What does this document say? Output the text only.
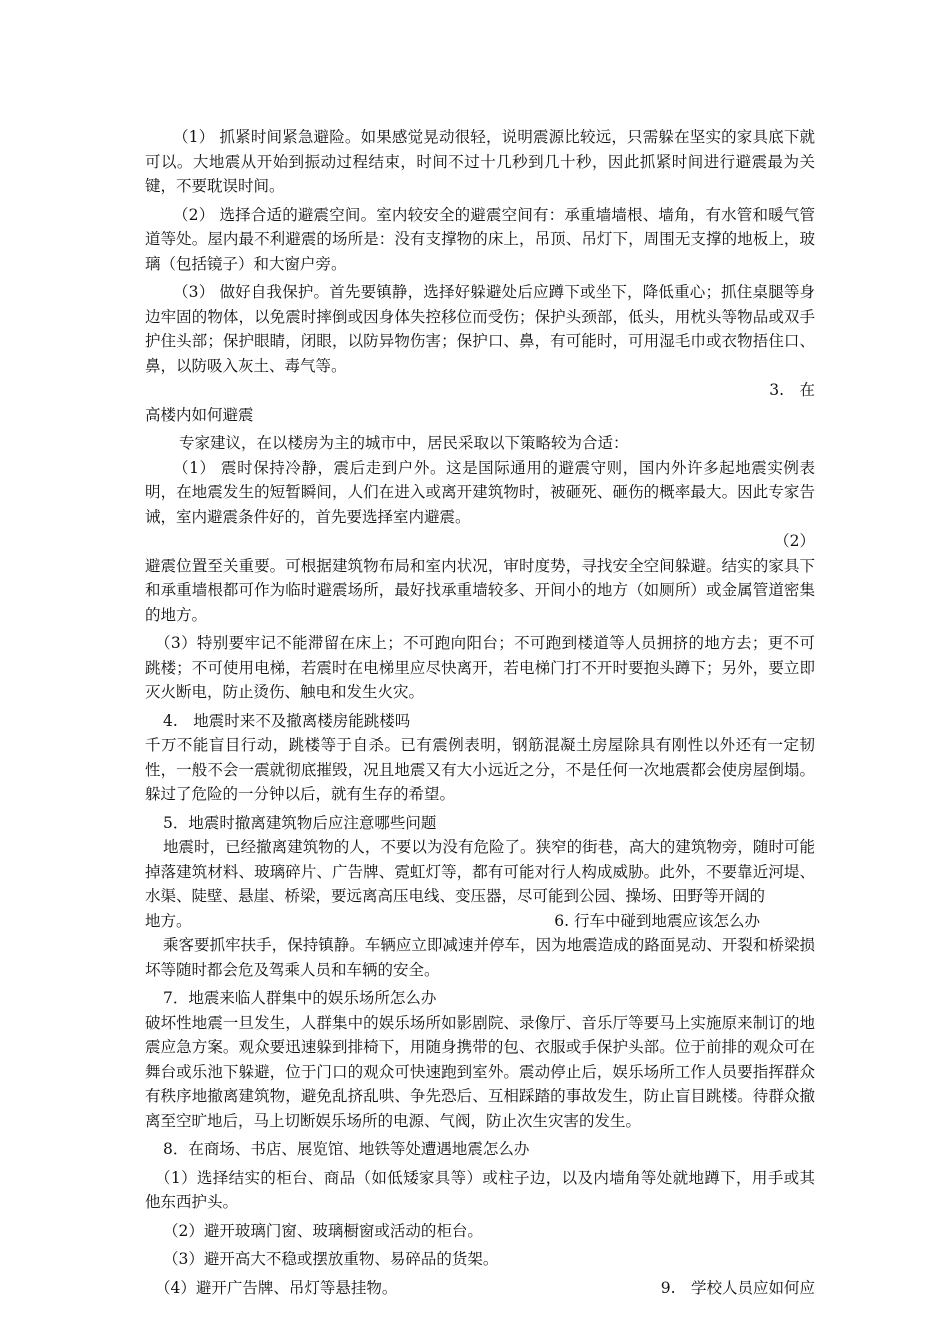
（1） 抓紧时间紧急避险。如果感觉晃动很轻，说明震源比较远，只需躲在坚实的家具底下就可以。大地震从开始到振动过程结束，时间不过十几秒到几十秒，因此抓紧时间进行避震最为关键，不要耽误时间。

（2） 选择合适的避震空间。室内较安全的避震空间有：承重墙墙根、墙角，有水管和暖气管道等处。屋内最不利避震的场所是：没有支撑物的床上，吊顶、吊灯下，周围无支撑的地板上，玻璃（包括镜子）和大窗户旁。

（3） 做好自我保护。首先要镇静，选择好躲避处后应蹲下或坐下，降低重心；抓住桌腿等身边牢固的物体，以免震时摔倒或因身体失控移位而受伤；保护头颈部，低头，用枕头等物品或双手护住头部；保护眼睛，闭眼，以防异物伤害；保护口、鼻，有可能时，可用湿毛巾或衣物捂住口、鼻，以防吸入灰土、毒气等。

3.　在

高楼内如何避震

专家建议，在以楼房为主的城市中，居民采取以下策略较为合适：

（1） 震时保持冷静，震后走到户外。这是国际通用的避震守则，国内外许多起地震实例表明，在地震发生的短暂瞬间，人们在进入或离开建筑物时，被砸死、砸伤的概率最大。因此专家告诫，室内避震条件好的，首先要选择室内避震。

（2）

避震位置至关重要。可根据建筑物布局和室内状况，审时度势，寻找安全空间躲避。结实的家具下和承重墙根都可作为临时避震场所，最好找承重墙较多、开间小的地方（如厕所）或金属管道密集的地方。

（3）特别要牢记不能滞留在床上；不可跑向阳台；不可跑到楼道等人员拥挤的地方去；更不可跳楼；不可使用电梯，若震时在电梯里应尽快离开，若电梯门打不开时要抱头蹲下；另外，要立即灭火断电，防止烫伤、触电和发生火灾。

4.　地震时来不及撤离楼房能跳楼吗

千万不能盲目行动，跳楼等于自杀。已有震例表明，钢筋混凝土房屋除具有刚性以外还有一定韧性，一般不会一震就彻底摧毁，况且地震又有大小远近之分，不是任何一次地震都会使房屋倒塌。躲过了危险的一分钟以后，就有生存的希望。

5．地震时撤离建筑物后应注意哪些问题

地震时，已经撤离建筑物的人，不要以为没有危险了。狭窄的街巷，高大的建筑物旁，随时可能掉落建筑材料、玻璃碎片、广告牌、霓虹灯等，都有可能对行人构成威胁。此外，不要靠近河堤、水渠、陡壁、悬崖、桥梁，要远离高压电线、变压器，尽可能到公园、操场、田野等开阔的

地方。	6. 行车中碰到地震应该怎么办

乘客要抓牢扶手，保持镇静。车辆应立即减速并停车，因为地震造成的路面晃动、开裂和桥梁损坏等随时都会危及驾乘人员和车辆的安全。

7．地震来临人群集中的娱乐场所怎么办

破坏性地震一旦发生，人群集中的娱乐场所如影剧院、录像厅、音乐厅等要马上实施原来制订的地震应急方案。观众要迅速躲到排椅下，用随身携带的包、衣服或手保护头部。位于前排的观众可在舞台或乐池下躲避，位于门口的观众可快速跑到室外。震动停止后，娱乐场所工作人员要指挥群众有秩序地撤离建筑物，避免乱挤乱哄、争先恐后、互相踩踏的事故发生，防止盲目跳楼。待群众撤离至空旷地后，马上切断娱乐场所的电源、气阀，防止次生灾害的发生。

8．在商场、书店、展览馆、地铁等处遭遇地震怎么办

（1）选择结实的柜台、商品（如低矮家具等）或柱子边，以及内墙角等处就地蹲下，用手或其他东西护头。

（2）避开玻璃门窗、玻璃橱窗或活动的柜台。

（3）避开高大不稳或摆放重物、易碎品的货架。

（4）避开广告牌、吊灯等悬挂物。	9.　学校人员应如何应
